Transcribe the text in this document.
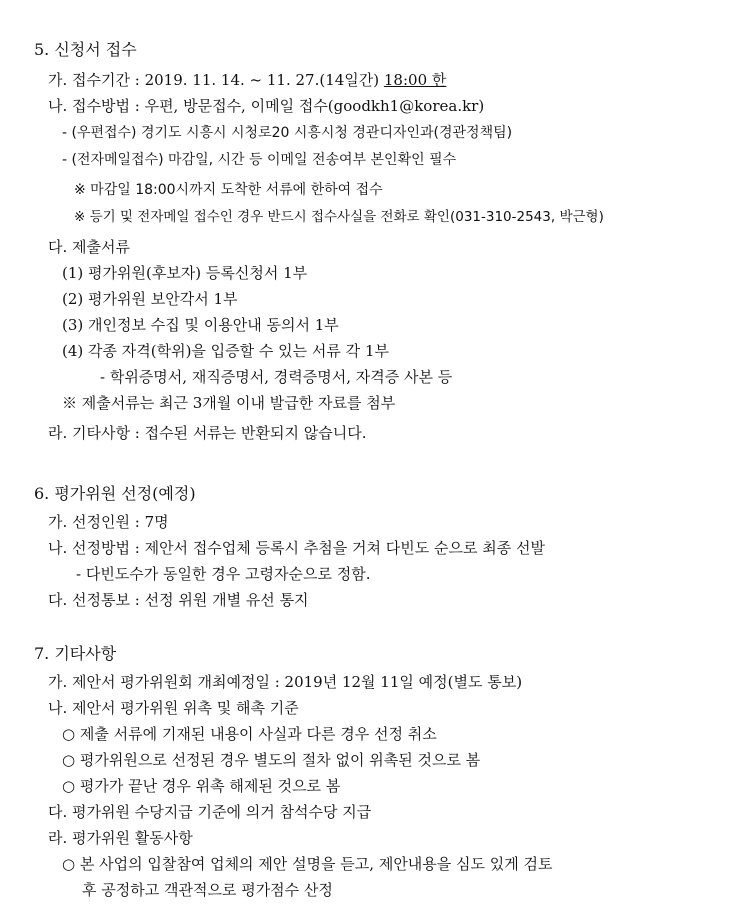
5. 신청서 접수
가. 접수기간 : 2019. 11. 14. ~ 11. 27.(14일간) 18:00 한
나. 접수방법 : 우편, 방문접수, 이메일 접수(goodkh1@korea.kr)
- (우편접수) 경기도 시흥시 시청로20 시흥시청 경관디자인과(경관정책팀)
- (전자메일접수) 마감일, 시간 등 이메일 전송여부 본인확인 필수
※ 마감일 18:00시까지 도착한 서류에 한하여 접수
※ 등기 및 전자메일 접수인 경우 반드시 접수사실을 전화로 확인(031-310-2543, 박근형)
다. 제출서류
(1) 평가위원(후보자) 등록신청서 1부
(2) 평가위원 보안각서 1부
(3) 개인정보 수집 및 이용안내 동의서 1부
(4) 각종 자격(학위)을 입증할 수 있는 서류 각 1부
- 학위증명서, 재직증명서, 경력증명서, 자격증 사본 등
※ 제출서류는 최근 3개월 이내 발급한 자료를 첨부
라. 기타사항 : 접수된 서류는 반환되지 않습니다.
6. 평가위원 선정(예정)
가. 선정인원 : 7명
나. 선정방법 : 제안서 접수업체 등록시 추첨을 거쳐 다빈도 순으로 최종 선발
- 다빈도수가 동일한 경우 고령자순으로 정함.
다. 선정통보 : 선정 위원 개별 유선 통지
7. 기타사항
가. 제안서 평가위원회 개최예정일 : 2019년 12월 11일 예정(별도 통보)
나. 제안서 평가위원 위촉 및 해촉 기준
○ 제출 서류에 기재된 내용이 사실과 다른 경우 선정 취소
○ 평가위원으로 선정된 경우 별도의 절차 없이 위촉된 것으로 봄
○ 평가가 끝난 경우 위촉 해제된 것으로 봄
다. 평가위원 수당지급 기준에 의거 참석수당 지급
라. 평가위원 활동사항
○ 본 사업의 입찰참여 업체의 제안 설명을 듣고, 제안내용을 심도 있게 검토
후 공정하고 객관적으로 평가점수 산정
